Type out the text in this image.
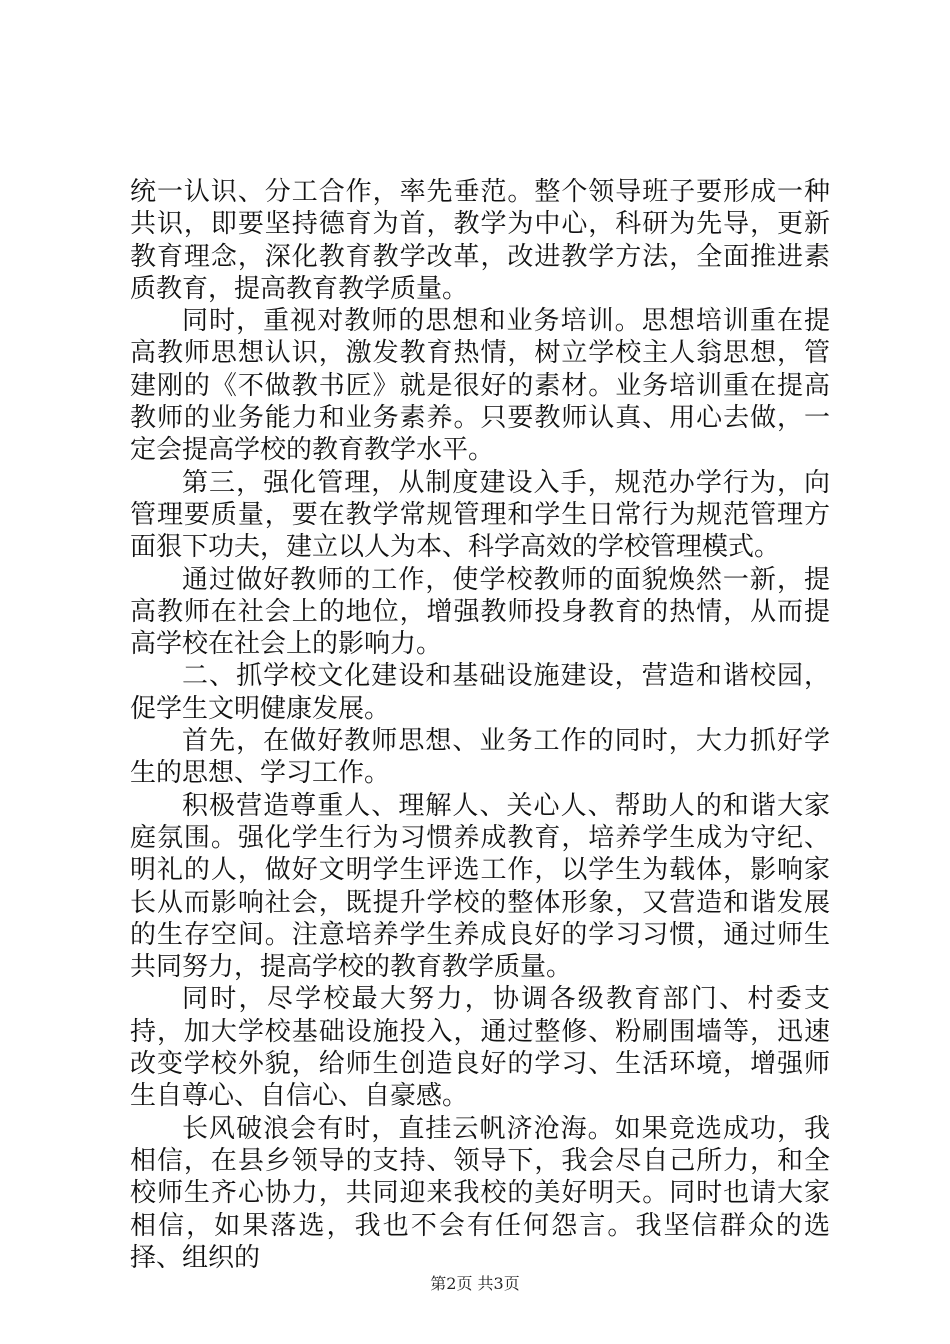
统一认识、分工合作，率先垂范。整个领导班子要形成一种共识，即要坚持德育为首，教学为中心，科研为先导，更新教育理念，深化教育教学改革，改进教学方法，全面推进素质教育，提高教育教学质量。

同时，重视对教师的思想和业务培训。思想培训重在提高教师思想认识，激发教育热情，树立学校主人翁思想，管建刚的《不做教书匠》就是很好的素材。业务培训重在提高教师的业务能力和业务素养。只要教师认真、用心去做，一定会提高学校的教育教学水平。

第三，强化管理，从制度建设入手，规范办学行为，向管理要质量，要在教学常规管理和学生日常行为规范管理方面狠下功夫，建立以人为本、科学高效的学校管理模式。

通过做好教师的工作，使学校教师的面貌焕然一新，提高教师在社会上的地位，增强教师投身教育的热情，从而提高学校在社会上的影响力。

二、抓学校文化建设和基础设施建设，营造和谐校园，促学生文明健康发展。

首先，在做好教师思想、业务工作的同时，大力抓好学生的思想、学习工作。

积极营造尊重人、理解人、关心人、帮助人的和谐大家庭氛围。强化学生行为习惯养成教育，培养学生成为守纪、明礼的人，做好文明学生评选工作，以学生为载体，影响家长从而影响社会，既提升学校的整体形象，又营造和谐发展的生存空间。注意培养学生养成良好的学习习惯，通过师生共同努力，提高学校的教育教学质量。

同时，尽学校最大努力，协调各级教育部门、村委支持，加大学校基础设施投入，通过整修、粉刷围墙等，迅速改变学校外貌，给师生创造良好的学习、生活环境，增强师生自尊心、自信心、自豪感。

长风破浪会有时，直挂云帆济沧海。如果竞选成功，我相信，在县乡领导的支持、领导下，我会尽自己所力，和全校师生齐心协力，共同迎来我校的美好明天。同时也请大家相信，如果落选，我也不会有任何怨言。我坚信群众的选择、组织的

第2页 共3页
